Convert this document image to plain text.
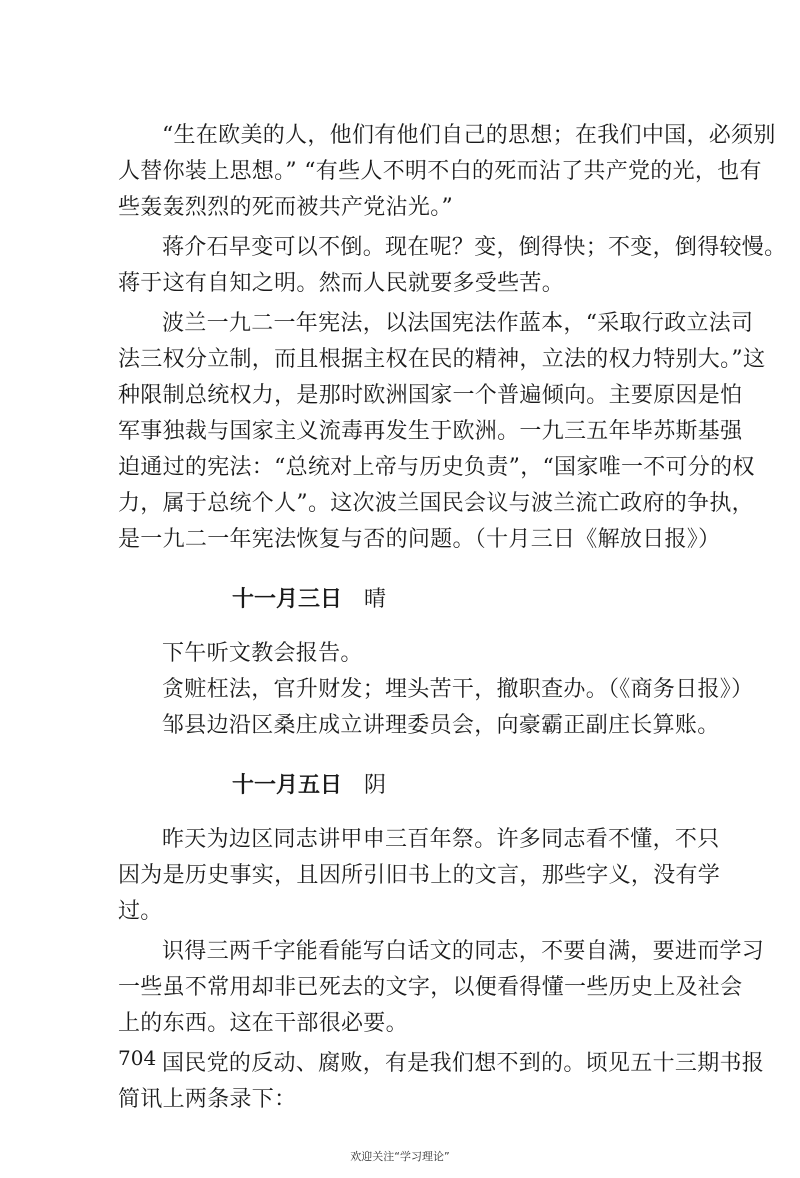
“生在欧美的人，他们有他们自己的思想；在我们中国，必须别
人替你装上思想。” “有些人不明不白的死而沾了共产党的光，也有
些轰轰烈烈的死而被共产党沾光。”
蒋介石早变可以不倒。现在呢？变，倒得快；不变，倒得较慢。
蒋于这有自知之明。然而人民就要多受些苦。
波兰一九二一年宪法，以法国宪法作蓝本，“采取行政立法司
法三权分立制，而且根据主权在民的精神，立法的权力特别大。”这
种限制总统权力，是那时欧洲国家一个普遍倾向。主要原因是怕
军事独裁与国家主义流毒再发生于欧洲。一九三五年毕苏斯基强
迫通过的宪法：“总统对上帝与历史负责”，“国家唯一不可分的权
力，属于总统个人”。这次波兰国民会议与波兰流亡政府的争执，
是一九二一年宪法恢复与否的问题。（十月三日《解放日报》）
十一月三日 晴
下午听文教会报告。
贪赃枉法，官升财发；埋头苦干，撤职查办。（《商务日报》）
邹县边沿区桑庄成立讲理委员会，向豪霸正副庄长算账。
十一月五日 阴
昨天为边区同志讲甲申三百年祭。许多同志看不懂，不只
因为是历史事实，且因所引旧书上的文言，那些字义，没有学
过。
识得三两千字能看能写白话文的同志，不要自满，要进而学习
一些虽不常用却非已死去的文字，以便看得懂一些历史上及社会
上的东西。这在干部很必要。
国民党的反动、腐败，有是我们想不到的。顷见五十三期书报
简讯上两条录下：
704
欢迎关注“学习理论”
